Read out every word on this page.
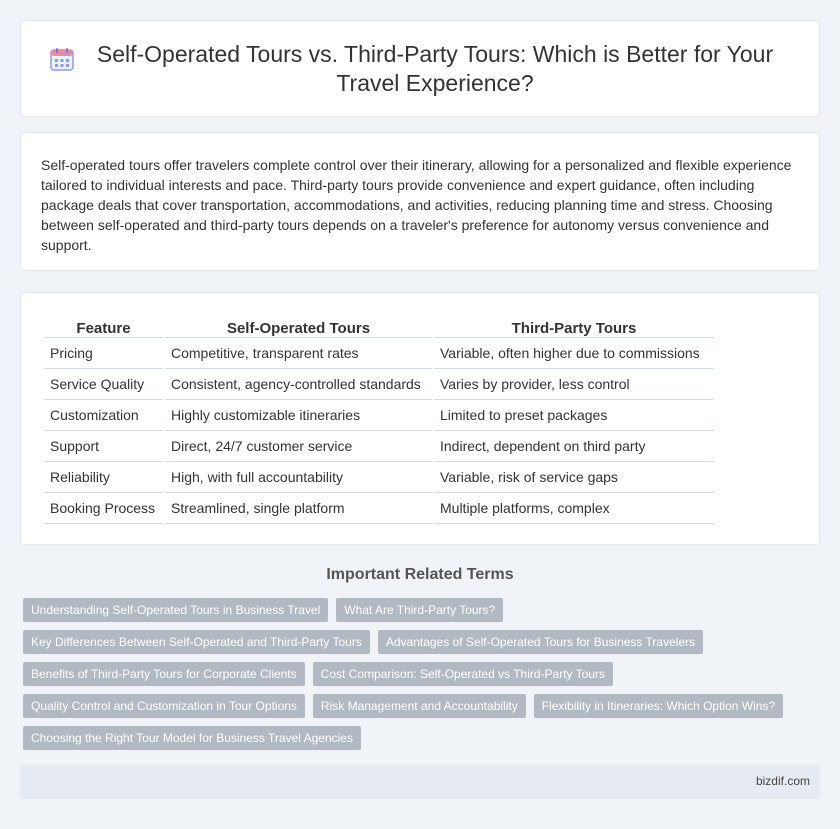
Self-Operated Tours vs. Third-Party Tours: Which is Better for Your Travel Experience?

Self-operated tours offer travelers complete control over their itinerary, allowing for a personalized and flexible experience tailored to individual interests and pace. Third-party tours provide convenience and expert guidance, often including package deals that cover transportation, accommodations, and activities, reducing planning time and stress. Choosing between self-operated and third-party tours depends on a traveler's preference for autonomy versus convenience and support.

Feature	Self-Operated Tours	Third-Party Tours
Pricing	Competitive, transparent rates	Variable, often higher due to commissions
Service Quality	Consistent, agency-controlled standards	Varies by provider, less control
Customization	Highly customizable itineraries	Limited to preset packages
Support	Direct, 24/7 customer service	Indirect, dependent on third party
Reliability	High, with full accountability	Variable, risk of service gaps
Booking Process	Streamlined, single platform	Multiple platforms, complex
Important Related Terms
Understanding Self-Operated Tours in Business Travel	What Are Third-Party Tours?
Key Differences Between Self-Operated and Third-Party Tours	Advantages of Self-Operated Tours for Business Travelers
Benefits of Third-Party Tours for Corporate Clients	Cost Comparison: Self-Operated vs Third-Party Tours
Quality Control and Customization in Tour Options	Risk Management and Accountability	Flexibility in Itineraries: Which Option Wins?
Choosing the Right Tour Model for Business Travel Agencies
bizdif.com
